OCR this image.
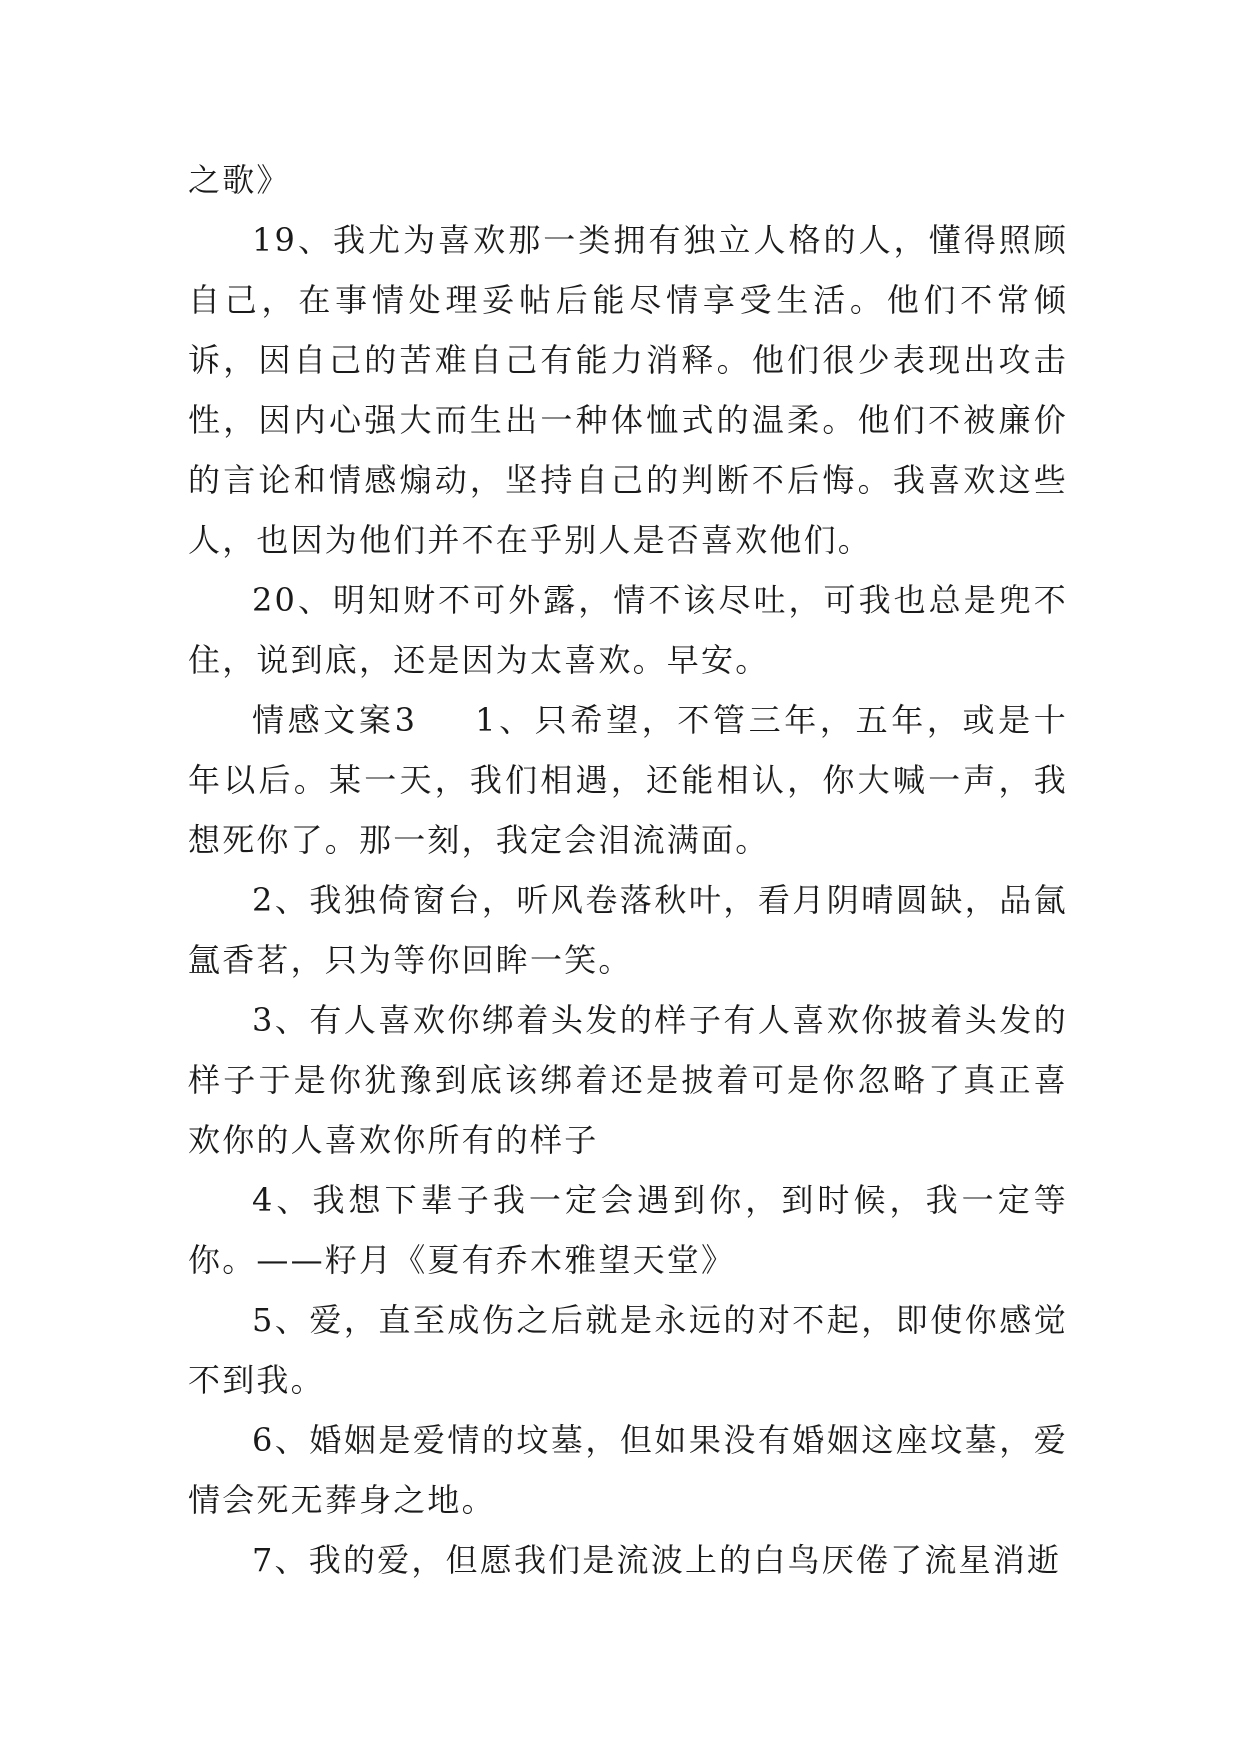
之歌》

19、我尤为喜欢那一类拥有独立人格的人，懂得照顾自己，在事情处理妥帖后能尽情享受生活。他们不常倾诉，因自己的苦难自己有能力消释。他们很少表现出攻击性，因内心强大而生出一种体恤式的温柔。他们不被廉价的言论和情感煽动，坚持自己的判断不后悔。我喜欢这些人，也因为他们并不在乎别人是否喜欢他们。

20、明知财不可外露，情不该尽吐，可我也总是兜不住，说到底，还是因为太喜欢。早安。

情感文案3 1、只希望，不管三年，五年，或是十年以后。某一天，我们相遇，还能相认，你大喊一声，我想死你了。那一刻，我定会泪流满面。

2、我独倚窗台，听风卷落秋叶，看月阴晴圆缺，品氤氲香茗，只为等你回眸一笑。

3、有人喜欢你绑着头发的样子有人喜欢你披着头发的样子于是你犹豫到底该绑着还是披着可是你忽略了真正喜欢你的人喜欢你所有的样子

4、我想下辈子我一定会遇到你，到时候，我一定等你。——籽月《夏有乔木雅望天堂》

5、爱，直至成伤之后就是永远的对不起，即使你感觉不到我。

6、婚姻是爱情的坟墓，但如果没有婚姻这座坟墓，爱情会死无葬身之地。

7、我的爱，但愿我们是流波上的白鸟厌倦了流星消逝
